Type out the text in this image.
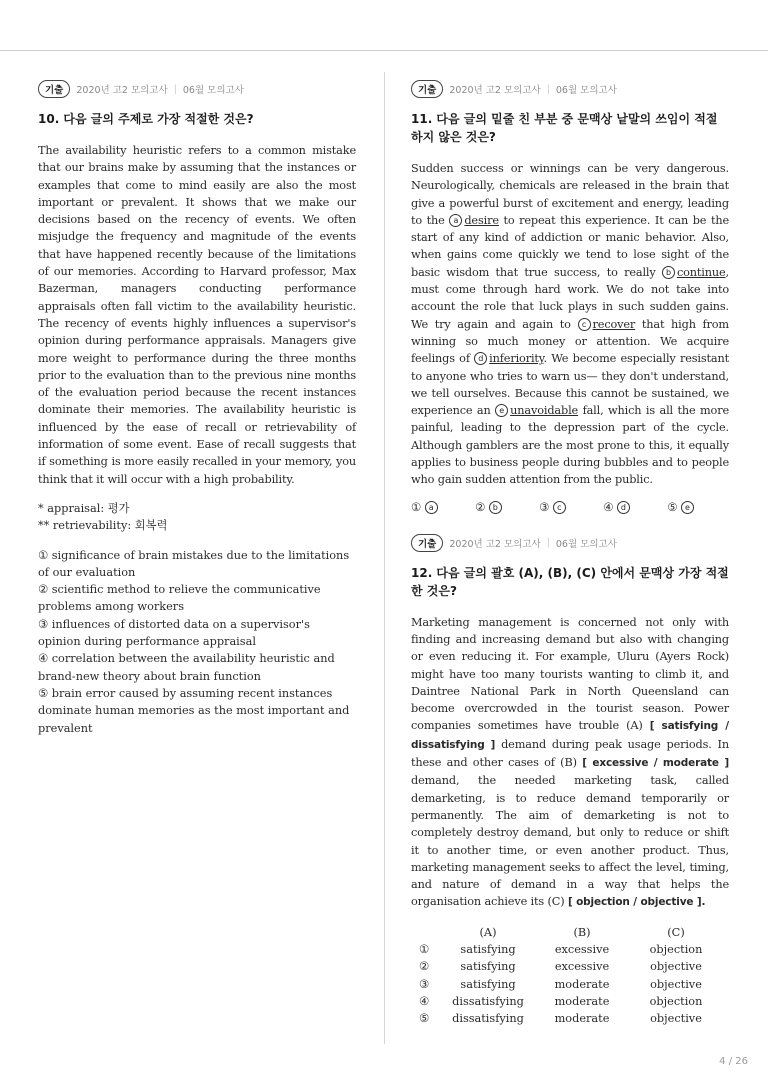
기출	2020년 고2 모의고사 | 06월 모의고사

10. 다음 글의 주제로 가장 적절한 것은?

The availability heuristic refers to a common mistake that our brains make by assuming that the instances or examples that come to mind easily are also the most important or prevalent. It shows that we make our decisions based on the recency of events. We often misjudge the frequency and magnitude of the events that have happened recently because of the limitations of our memories. According to Harvard professor, Max Bazerman, managers conducting performance appraisals often fall victim to the availability heuristic. The recency of events highly influences a supervisor's opinion during performance appraisals. Managers give more weight to performance during the three months prior to the evaluation than to the previous nine months of the evaluation period because the recent instances dominate their memories. The availability heuristic is influenced by the ease of recall or retrievability of information of some event. Ease of recall suggests that if something is more easily recalled in your memory, you think that it will occur with a high probability.

* appraisal: 평가
** retrievability: 회복력

① significance of brain mistakes due to the limitations of our evaluation

② scientific method to relieve the communicative problems among workers

③ influences of distorted data on a supervisor's opinion during performance appraisal

④ correlation between the availability heuristic and brand-new theory about brain function

⑤ brain error caused by assuming recent instances dominate human memories as the most important and prevalent

기출	2020년 고2 모의고사 | 06월 모의고사

11. 다음 글의 밑줄 친 부분 중 문맥상 낱말의 쓰임이 적절하지 않은 것은?

Sudden success or winnings can be very dangerous. Neurologically, chemicals are released in the brain that give a powerful burst of excitement and energy, leading to the a desire to repeat this experience. It can be the start of any kind of addiction or manic behavior. Also, when gains come quickly we tend to lose sight of the basic wisdom that true success, to really b continue, must come through hard work. We do not take into account the role that luck plays in such sudden gains. We try again and again to c recover that high from winning so much money or attention. We acquire feelings of d inferiority. We become especially resistant to anyone who tries to warn us— they don't understand, we tell ourselves. Because this cannot be sustained, we experience an e unavoidable fall, which is all the more painful, leading to the depression part of the cycle. Although gamblers are the most prone to this, it equally applies to business people during bubbles and to people who gain sudden attention from the public.

① a	② b	③ c	④ d	⑤ e
기출	2020년 고2 모의고사 | 06월 모의고사

12. 다음 글의 괄호 (A), (B), (C) 안에서 문맥상 가장 적절한 것은?

Marketing management is concerned not only with finding and increasing demand but also with changing or even reducing it. For example, Uluru (Ayers Rock) might have too many tourists wanting to climb it, and Daintree National Park in North Queensland can become overcrowded in the tourist season. Power companies sometimes have trouble (A) [ satisfying / dissatisfying ] demand during peak usage periods. In these and other cases of (B) [ excessive / moderate ] demand, the needed marketing task, called demarketing, is to reduce demand temporarily or permanently. The aim of demarketing is not to completely destroy demand, but only to reduce or shift it to another time, or even another product. Thus, marketing management seeks to affect the level, timing, and nature of demand in a way that helps the organisation achieve its (C) [ objection / objective ].

	(A)	(B)	(C)
①	satisfying	excessive	objection
②	satisfying	excessive	objective
③	satisfying	moderate	objective
④	dissatisfying	moderate	objection
⑤	dissatisfying	moderate	objective
4 / 26
